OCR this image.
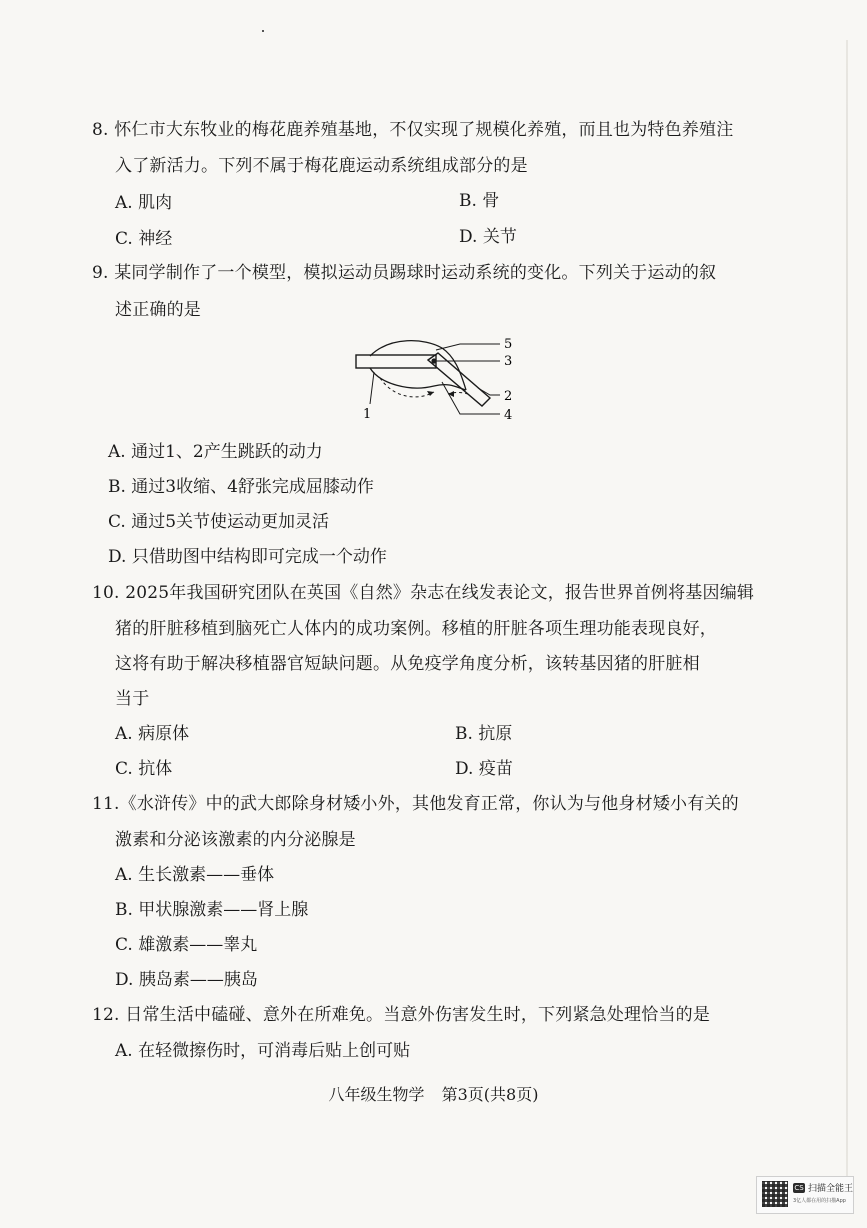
8. 怀仁市大东牧业的梅花鹿养殖基地，不仅实现了规模化养殖，而且也为特色养殖注
入了新活力。下列不属于梅花鹿运动系统组成部分的是
A. 肌肉	B. 骨
C. 神经	D. 关节
9. 某同学制作了一个模型，模拟运动员踢球时运动系统的变化。下列关于运动的叙
述正确的是
5
3
1
2
4
A. 通过1、2产生跳跃的动力
B. 通过3收缩、4舒张完成屈膝动作
C. 通过5关节使运动更加灵活
D. 只借助图中结构即可完成一个动作
10. 2025年我国研究团队在英国《自然》杂志在线发表论文，报告世界首例将基因编辑
猪的肝脏移植到脑死亡人体内的成功案例。移植的肝脏各项生理功能表现良好，
这将有助于解决移植器官短缺问题。从免疫学角度分析，该转基因猪的肝脏相
当于
A. 病原体	B. 抗原
C. 抗体	D. 疫苗
11.《水浒传》中的武大郎除身材矮小外，其他发育正常，你认为与他身材矮小有关的
激素和分泌该激素的内分泌腺是
A. 生长激素——垂体
B. 甲状腺激素——肾上腺
C. 雄激素——睾丸
D. 胰岛素——胰岛
12. 日常生活中磕碰、意外在所难免。当意外伤害发生时，下列紧急处理恰当的是
A. 在轻微擦伤时，可消毒后贴上创可贴
八年级生物学 第3页(共8页)
CS 扫描全能王
3亿人都在用的扫描App
